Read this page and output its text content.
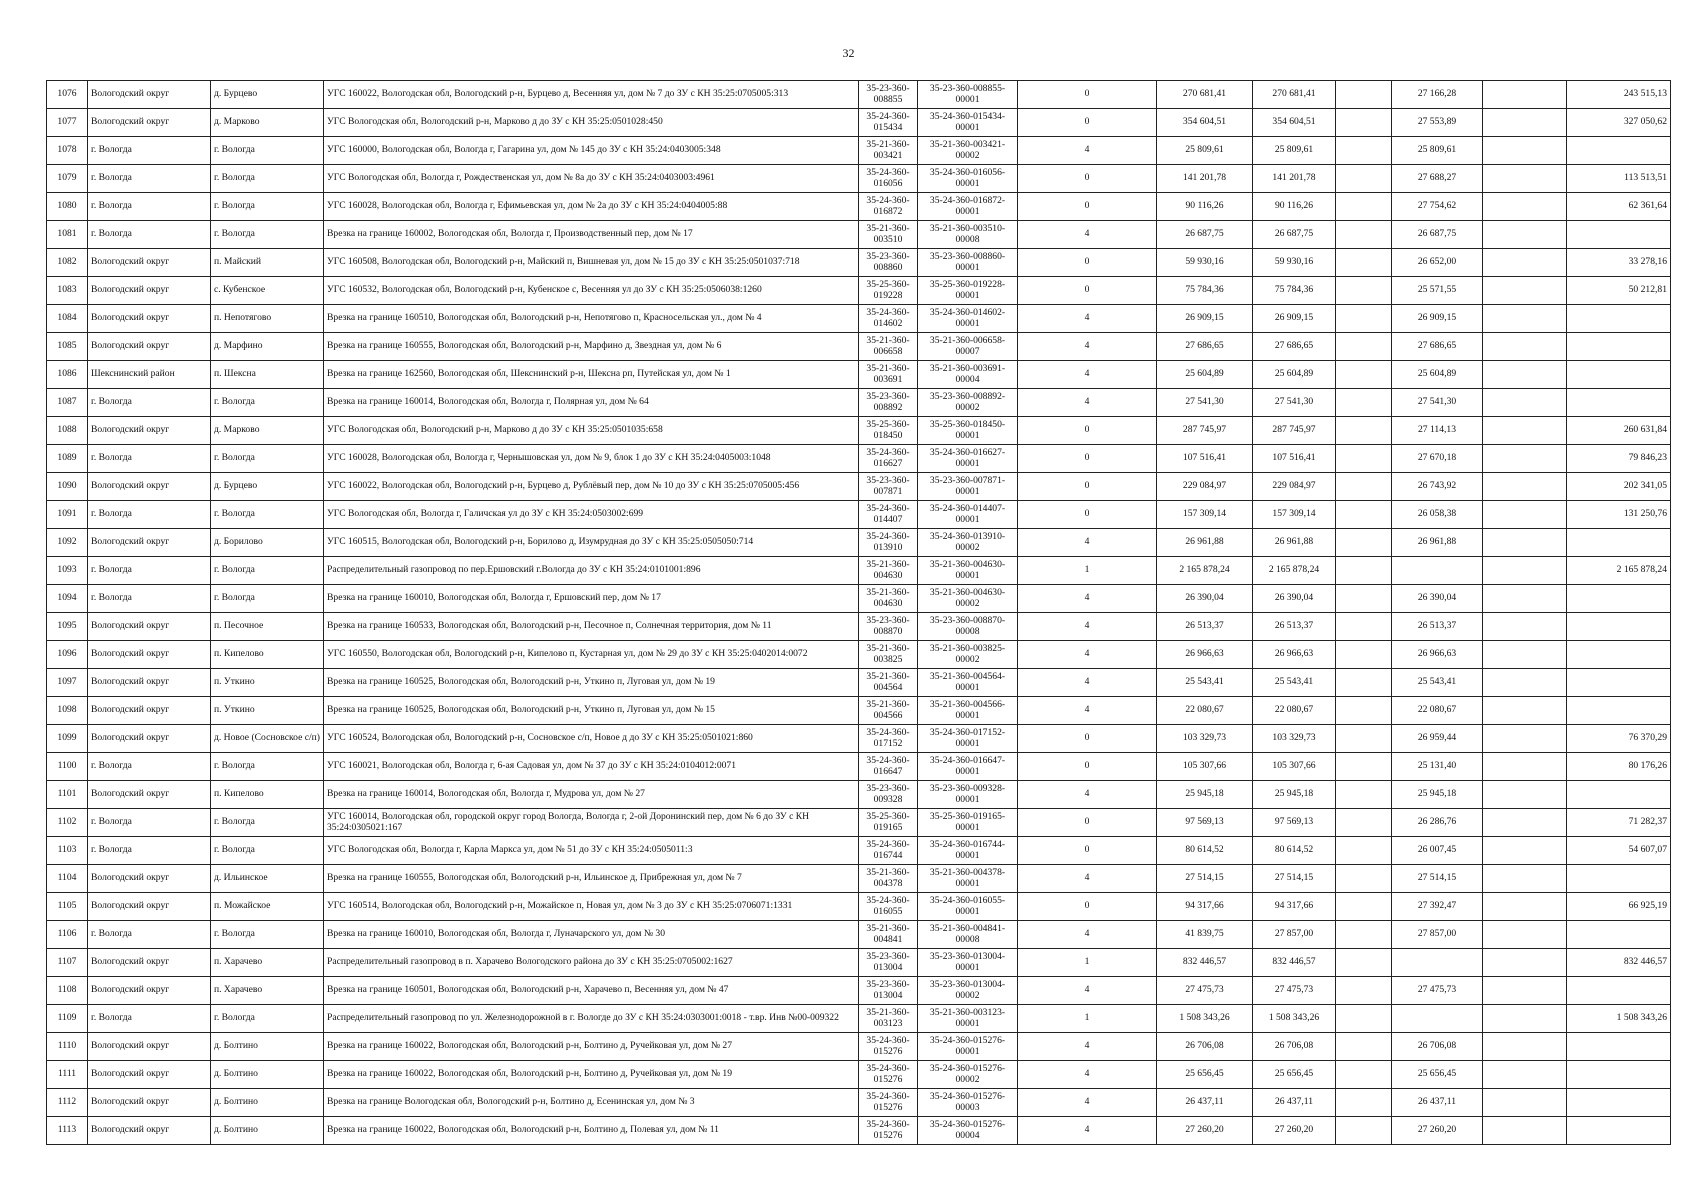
32
1076	Вологодский округ	д. Бурцево	УГС 160022, Вологодская обл, Вологодский р-н, Бурцево д, Весенняя ул, дом № 7 до ЗУ с КН 35:25:0705005:313	35-23-360-008855	35-23-360-008855-00001	0	270 681,41	270 681,41		27 166,28		243 515,13
1077	Вологодский округ	д. Марково	УГС Вологодская обл, Вологодский р-н, Марково д до ЗУ с КН 35:25:0501028:450	35-24-360-015434	35-24-360-015434-00001	0	354 604,51	354 604,51		27 553,89		327 050,62
1078	г. Вологда	г. Вологда	УГС 160000, Вологодская обл, Вологда г, Гагарина ул, дом № 145 до ЗУ с КН 35:24:0403005:348	35-21-360-003421	35-21-360-003421-00002	4	25 809,61	25 809,61		25 809,61		
1079	г. Вологда	г. Вологда	УГС Вологодская обл, Вологда г, Рождественская ул, дом № 8а до ЗУ с КН 35:24:0403003:4961	35-24-360-016056	35-24-360-016056-00001	0	141 201,78	141 201,78		27 688,27		113 513,51
1080	г. Вологда	г. Вологда	УГС 160028, Вологодская обл, Вологда г, Ефимьевская ул, дом № 2а до ЗУ с КН 35:24:0404005:88	35-24-360-016872	35-24-360-016872-00001	0	90 116,26	90 116,26		27 754,62		62 361,64
1081	г. Вологда	г. Вологда	Врезка на границе 160002, Вологодская обл, Вологда г, Производственный пер, дом № 17	35-21-360-003510	35-21-360-003510-00008	4	26 687,75	26 687,75		26 687,75		
1082	Вологодский округ	п. Майский	УГС 160508, Вологодская обл, Вологодский р-н, Майский п, Вишневая ул, дом № 15 до ЗУ с КН 35:25:0501037:718	35-23-360-008860	35-23-360-008860-00001	0	59 930,16	59 930,16		26 652,00		33 278,16
1083	Вологодский округ	с. Кубенское	УГС 160532, Вологодская обл, Вологодский р-н, Кубенское с, Весенняя ул до ЗУ с КН 35:25:0506038:1260	35-25-360-019228	35-25-360-019228-00001	0	75 784,36	75 784,36		25 571,55		50 212,81
1084	Вологодский округ	п. Непотягово	Врезка на границе 160510, Вологодская обл, Вологодский р-н, Непотягово п, Красносельская ул., дом № 4	35-24-360-014602	35-24-360-014602-00001	4	26 909,15	26 909,15		26 909,15		
1085	Вологодский округ	д. Марфино	Врезка на границе 160555, Вологодская обл, Вологодский р-н, Марфино д, Звездная ул, дом № 6	35-21-360-006658	35-21-360-006658-00007	4	27 686,65	27 686,65		27 686,65		
1086	Шекснинский район	п. Шексна	Врезка на границе 162560, Вологодская обл, Шекснинский р-н, Шексна рп, Путейская ул, дом № 1	35-21-360-003691	35-21-360-003691-00004	4	25 604,89	25 604,89		25 604,89		
1087	г. Вологда	г. Вологда	Врезка на границе 160014, Вологодская обл, Вологда г, Полярная ул, дом № 64	35-23-360-008892	35-23-360-008892-00002	4	27 541,30	27 541,30		27 541,30		
1088	Вологодский округ	д. Марково	УГС Вологодская обл, Вологодский р-н, Марково д до ЗУ с КН 35:25:0501035:658	35-25-360-018450	35-25-360-018450-00001	0	287 745,97	287 745,97		27 114,13		260 631,84
1089	г. Вологда	г. Вологда	УГС 160028, Вологодская обл, Вологда г, Чернышовская ул, дом № 9, блок 1 до ЗУ с КН 35:24:0405003:1048	35-24-360-016627	35-24-360-016627-00001	0	107 516,41	107 516,41		27 670,18		79 846,23
1090	Вологодский округ	д. Бурцево	УГС 160022, Вологодская обл, Вологодский р-н, Бурцево д, Рублёвый пер, дом № 10 до ЗУ с КН 35:25:0705005:456	35-23-360-007871	35-23-360-007871-00001	0	229 084,97	229 084,97		26 743,92		202 341,05
1091	г. Вологда	г. Вологда	УГС Вологодская обл, Вологда г, Галичская ул до ЗУ с КН 35:24:0503002:699	35-24-360-014407	35-24-360-014407-00001	0	157 309,14	157 309,14		26 058,38		131 250,76
1092	Вологодский округ	д. Борилово	УГС 160515, Вологодская обл, Вологодский р-н, Борилово д, Изумрудная до ЗУ с КН 35:25:0505050:714	35-24-360-013910	35-24-360-013910-00002	4	26 961,88	26 961,88		26 961,88		
1093	г. Вологда	г. Вологда	Распределительный газопровод по пер.Ершовский г.Вологда до ЗУ с КН 35:24:0101001:896	35-21-360-004630	35-21-360-004630-00001	1	2 165 878,24	2 165 878,24				2 165 878,24
1094	г. Вологда	г. Вологда	Врезка на границе 160010, Вологодская обл, Вологда г, Ершовский пер, дом № 17	35-21-360-004630	35-21-360-004630-00002	4	26 390,04	26 390,04		26 390,04		
1095	Вологодский округ	п. Песочное	Врезка на границе 160533, Вологодская обл, Вологодский р-н, Песочное п, Солнечная территория, дом № 11	35-23-360-008870	35-23-360-008870-00008	4	26 513,37	26 513,37		26 513,37		
1096	Вологодский округ	п. Кипелово	УГС 160550, Вологодская обл, Вологодский р-н, Кипелово п, Кустарная ул, дом № 29 до ЗУ с КН 35:25:0402014:0072	35-21-360-003825	35-21-360-003825-00002	4	26 966,63	26 966,63		26 966,63		
1097	Вологодский округ	п. Уткино	Врезка на границе 160525, Вологодская обл, Вологодский р-н, Уткино п, Луговая ул, дом № 19	35-21-360-004564	35-21-360-004564-00001	4	25 543,41	25 543,41		25 543,41		
1098	Вологодский округ	п. Уткино	Врезка на границе 160525, Вологодская обл, Вологодский р-н, Уткино п, Луговая ул, дом № 15	35-21-360-004566	35-21-360-004566-00001	4	22 080,67	22 080,67		22 080,67		
1099	Вологодский округ	д. Новое (Сосновское с/п)	УГС 160524, Вологодская обл, Вологодский р-н, Сосновское с/п, Новое д до ЗУ с КН 35:25:0501021:860	35-24-360-017152	35-24-360-017152-00001	0	103 329,73	103 329,73		26 959,44		76 370,29
1100	г. Вологда	г. Вологда	УГС 160021, Вологодская обл, Вологда г, 6-ая Садовая ул, дом № 37 до ЗУ с КН 35:24:0104012:0071	35-24-360-016647	35-24-360-016647-00001	0	105 307,66	105 307,66		25 131,40		80 176,26
1101	Вологодский округ	п. Кипелово	Врезка на границе 160014, Вологодская обл, Вологда г, Мудрова ул, дом № 27	35-23-360-009328	35-23-360-009328-00001	4	25 945,18	25 945,18		25 945,18		
1102	г. Вологда	г. Вологда	УГС 160014, Вологодская обл, городской округ город Вологда, Вологда г, 2-ой Доронинский пер, дом № 6 до ЗУ с КН 35:24:0305021:167	35-25-360-019165	35-25-360-019165-00001	0	97 569,13	97 569,13		26 286,76		71 282,37
1103	г. Вологда	г. Вологда	УГС Вологодская обл, Вологда г, Карла Маркса ул, дом № 51 до ЗУ с КН 35:24:0505011:3	35-24-360-016744	35-24-360-016744-00001	0	80 614,52	80 614,52		26 007,45		54 607,07
1104	Вологодский округ	д. Ильинское	Врезка на границе 160555, Вологодская обл, Вологодский р-н, Ильинское д, Прибрежная ул, дом № 7	35-21-360-004378	35-21-360-004378-00001	4	27 514,15	27 514,15		27 514,15		
1105	Вологодский округ	п. Можайское	УГС 160514, Вологодская обл, Вологодский р-н, Можайское п, Новая ул, дом № 3 до ЗУ с КН 35:25:0706071:1331	35-24-360-016055	35-24-360-016055-00001	0	94 317,66	94 317,66		27 392,47		66 925,19
1106	г. Вологда	г. Вологда	Врезка на границе 160010, Вологодская обл, Вологда г, Луначарского ул, дом № 30	35-21-360-004841	35-21-360-004841-00008	4	41 839,75	27 857,00		27 857,00		
1107	Вологодский округ	п. Харачево	Распределительный газопровод в п. Харачево Вологодского района до ЗУ с КН 35:25:0705002:1627	35-23-360-013004	35-23-360-013004-00001	1	832 446,57	832 446,57				832 446,57
1108	Вологодский округ	п. Харачево	Врезка на границе 160501, Вологодская обл, Вологодский р-н, Харачево п, Весенняя ул, дом № 47	35-23-360-013004	35-23-360-013004-00002	4	27 475,73	27 475,73		27 475,73		
1109	г. Вологда	г. Вологда	Распределительный газопровод по ул. Железнодорожной в г. Вологде до ЗУ с КН 35:24:0303001:0018 - т.вр. Инв №00-009322	35-21-360-003123	35-21-360-003123-00001	1	1 508 343,26	1 508 343,26				1 508 343,26
1110	Вологодский округ	д. Болтино	Врезка на границе 160022, Вологодская обл, Вологодский р-н, Болтино д, Ручейковая ул, дом № 27	35-24-360-015276	35-24-360-015276-00001	4	26 706,08	26 706,08		26 706,08		
1111	Вологодский округ	д. Болтино	Врезка на границе 160022, Вологодская обл, Вологодский р-н, Болтино д, Ручейковая ул, дом № 19	35-24-360-015276	35-24-360-015276-00002	4	25 656,45	25 656,45		25 656,45		
1112	Вологодский округ	д. Болтино	Врезка на границе Вологодская обл, Вологодский р-н, Болтино д, Есенинская ул, дом № 3	35-24-360-015276	35-24-360-015276-00003	4	26 437,11	26 437,11		26 437,11		
1113	Вологодский округ	д. Болтино	Врезка на границе 160022, Вологодская обл, Вологодский р-н, Болтино д, Полевая ул, дом № 11	35-24-360-015276	35-24-360-015276-00004	4	27 260,20	27 260,20		27 260,20		
